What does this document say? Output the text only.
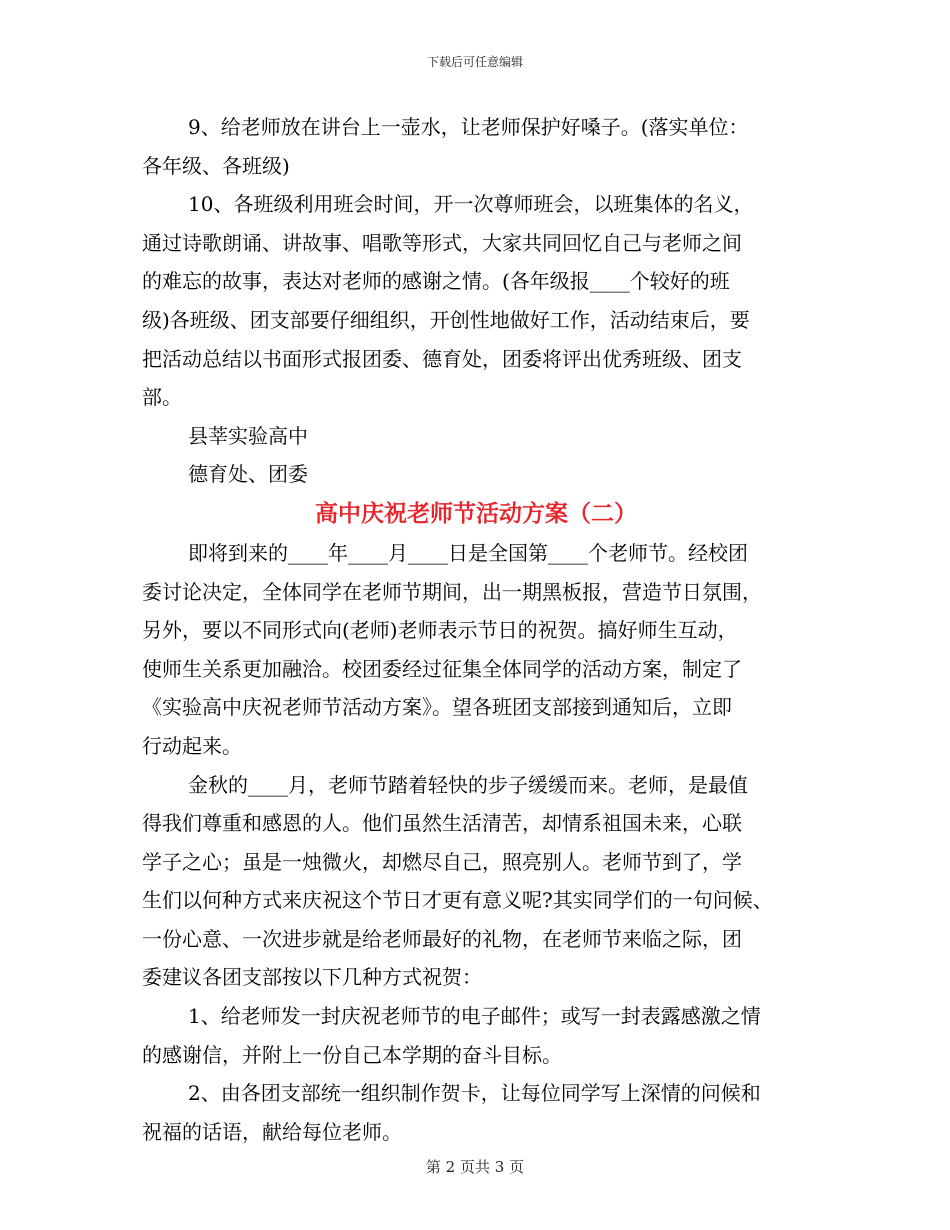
下载后可任意编辑
9、给老师放在讲台上一壶水，让老师保护好嗓子。(落实单位：
各年级、各班级)
10、各班级利用班会时间，开一次尊师班会，以班集体的名义，
通过诗歌朗诵、讲故事、唱歌等形式，大家共同回忆自己与老师之间
的难忘的故事，表达对老师的感谢之情。(各年级报____个较好的班
级)各班级、团支部要仔细组织，开创性地做好工作，活动结束后，要
把活动总结以书面形式报团委、德育处，团委将评出优秀班级、团支
部。
县莘实验高中
德育处、团委
高中庆祝老师节活动方案（二）
即将到来的____年____月____日是全国第____个老师节。经校团
委讨论决定，全体同学在老师节期间，出一期黑板报，营造节日氛围，
另外，要以不同形式向(老师)老师表示节日的祝贺。搞好师生互动，
使师生关系更加融洽。校团委经过征集全体同学的活动方案，制定了
《实验高中庆祝老师节活动方案》。望各班团支部接到通知后，立即
行动起来。
金秋的____月，老师节踏着轻快的步子缓缓而来。老师，是最值
得我们尊重和感恩的人。他们虽然生活清苦，却情系祖国未来，心联
学子之心；虽是一烛微火，却燃尽自己，照亮别人。老师节到了，学
生们以何种方式来庆祝这个节日才更有意义呢?其实同学们的一句问候、
一份心意、一次进步就是给老师最好的礼物，在老师节来临之际，团
委建议各团支部按以下几种方式祝贺：
1、给老师发一封庆祝老师节的电子邮件；或写一封表露感激之情
的感谢信，并附上一份自己本学期的奋斗目标。
2、由各团支部统一组织制作贺卡，让每位同学写上深情的问候和
祝福的话语，献给每位老师。
第 2 页共 3 页
